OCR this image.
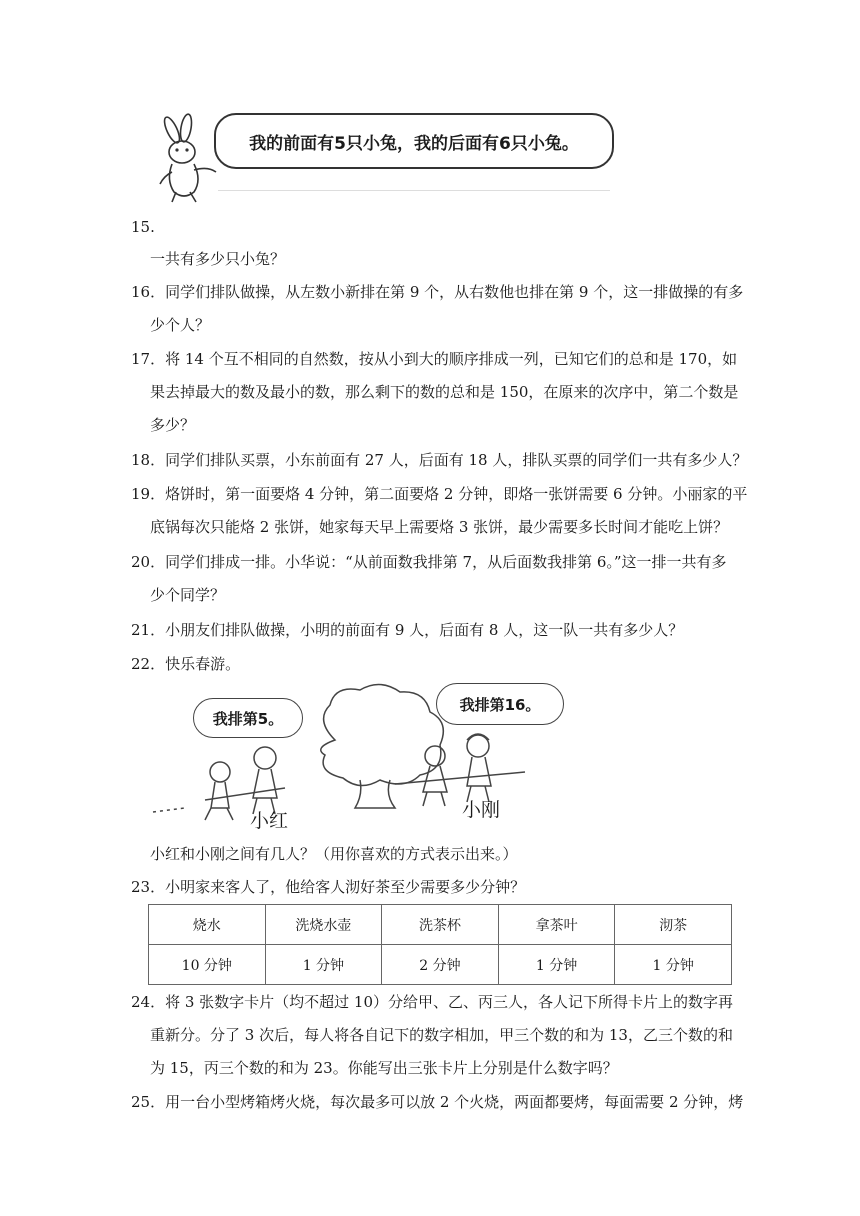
我的前面有5只小兔，我的后面有6只小兔。
15.
一共有多少只小兔？
16．同学们排队做操，从左数小新排在第 9 个，从右数他也排在第 9 个，这一排做操的有多
少个人？
17．将 14 个互不相同的自然数，按从小到大的顺序排成一列，已知它们的总和是 170，如
果去掉最大的数及最小的数，那么剩下的数的总和是 150，在原来的次序中，第二个数是
多少？
18．同学们排队买票，小东前面有 27 人，后面有 18 人，排队买票的同学们一共有多少人？
19．烙饼时，第一面要烙 4 分钟，第二面要烙 2 分钟，即烙一张饼需要 6 分钟。小丽家的平
底锅每次只能烙 2 张饼，她家每天早上需要烙 3 张饼，最少需要多长时间才能吃上饼？
20．同学们排成一排。小华说：“从前面数我排第 7，从后面数我排第 6。”这一排一共有多
少个同学？
21．小朋友们排队做操，小明的前面有 9 人，后面有 8 人，这一队一共有多少人？
22．快乐春游。
我排第5。
我排第16。
小红	小刚
小红和小刚之间有几人？（用你喜欢的方式表示出来。）
23．小明家来客人了，他给客人沏好茶至少需要多少分钟？
烧水	洗烧水壶	洗茶杯	拿茶叶	沏茶
10 分钟	1 分钟	2 分钟	1 分钟	1 分钟
24．将 3 张数字卡片（均不超过 10）分给甲、乙、丙三人，各人记下所得卡片上的数字再
重新分。分了 3 次后，每人将各自记下的数字相加，甲三个数的和为 13，乙三个数的和
为 15，丙三个数的和为 23。你能写出三张卡片上分别是什么数字吗？
25．用一台小型烤箱烤火烧，每次最多可以放 2 个火烧，两面都要烤，每面需要 2 分钟，烤
